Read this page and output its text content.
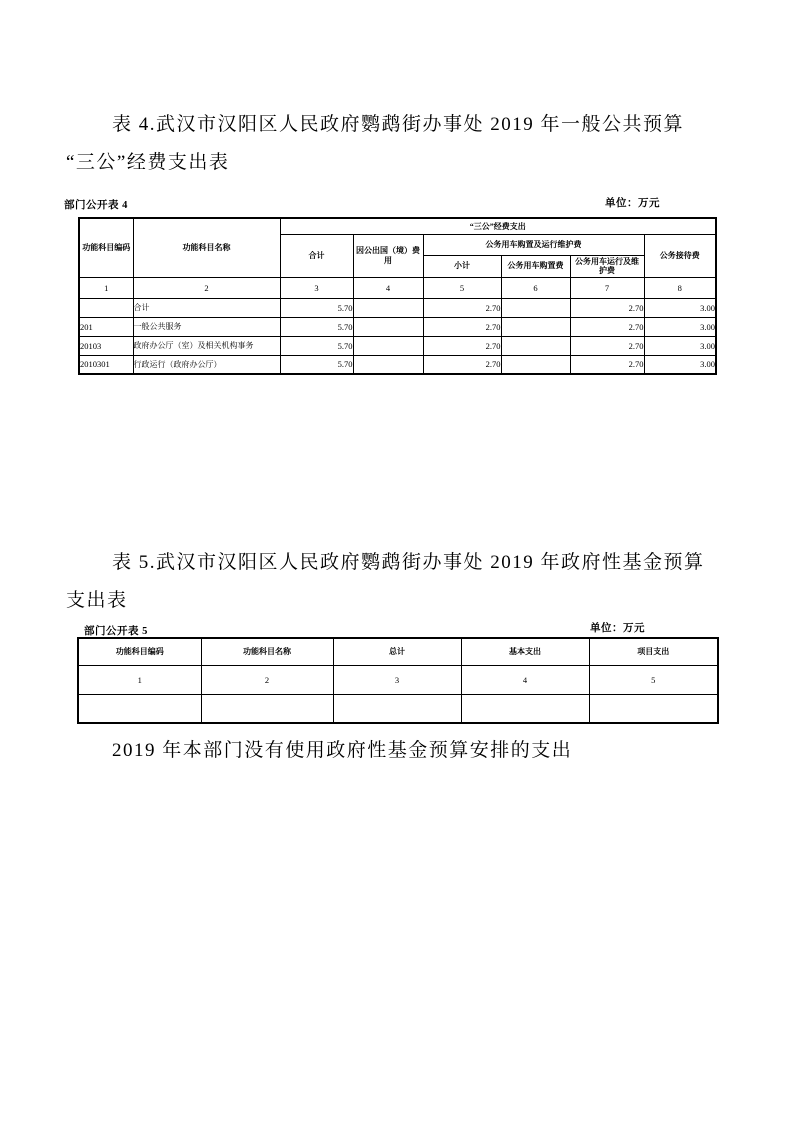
表 4.武汉市汉阳区人民政府鹦鹉街办事处 2019 年一般公共预算
“三公”经费支出表
部门公开表 4	单位：万元
功能科目编码	功能科目名称	“三公”经费支出					
		合计	因公出国（境）费用	公务用车购置及运行维护费			公务接待费
				小计	公务用车购置费	公务用车运行及维护费	
1	2	3	4	5	6	7	8
	合计	5.70		2.70		2.70	3.00
201	一般公共服务	5.70		2.70		2.70	3.00
20103	政府办公厅（室）及相关机构事务	5.70		2.70		2.70	3.00
2010301	行政运行（政府办公厅）	5.70		2.70		2.70	3.00
表 5.武汉市汉阳区人民政府鹦鹉街办事处 2019 年政府性基金预算
支出表
部门公开表 5	单位：万元
功能科目编码	功能科目名称	总计	基本支出	项目支出
1	2	3	4	5

2019 年本部门没有使用政府性基金预算安排的支出
